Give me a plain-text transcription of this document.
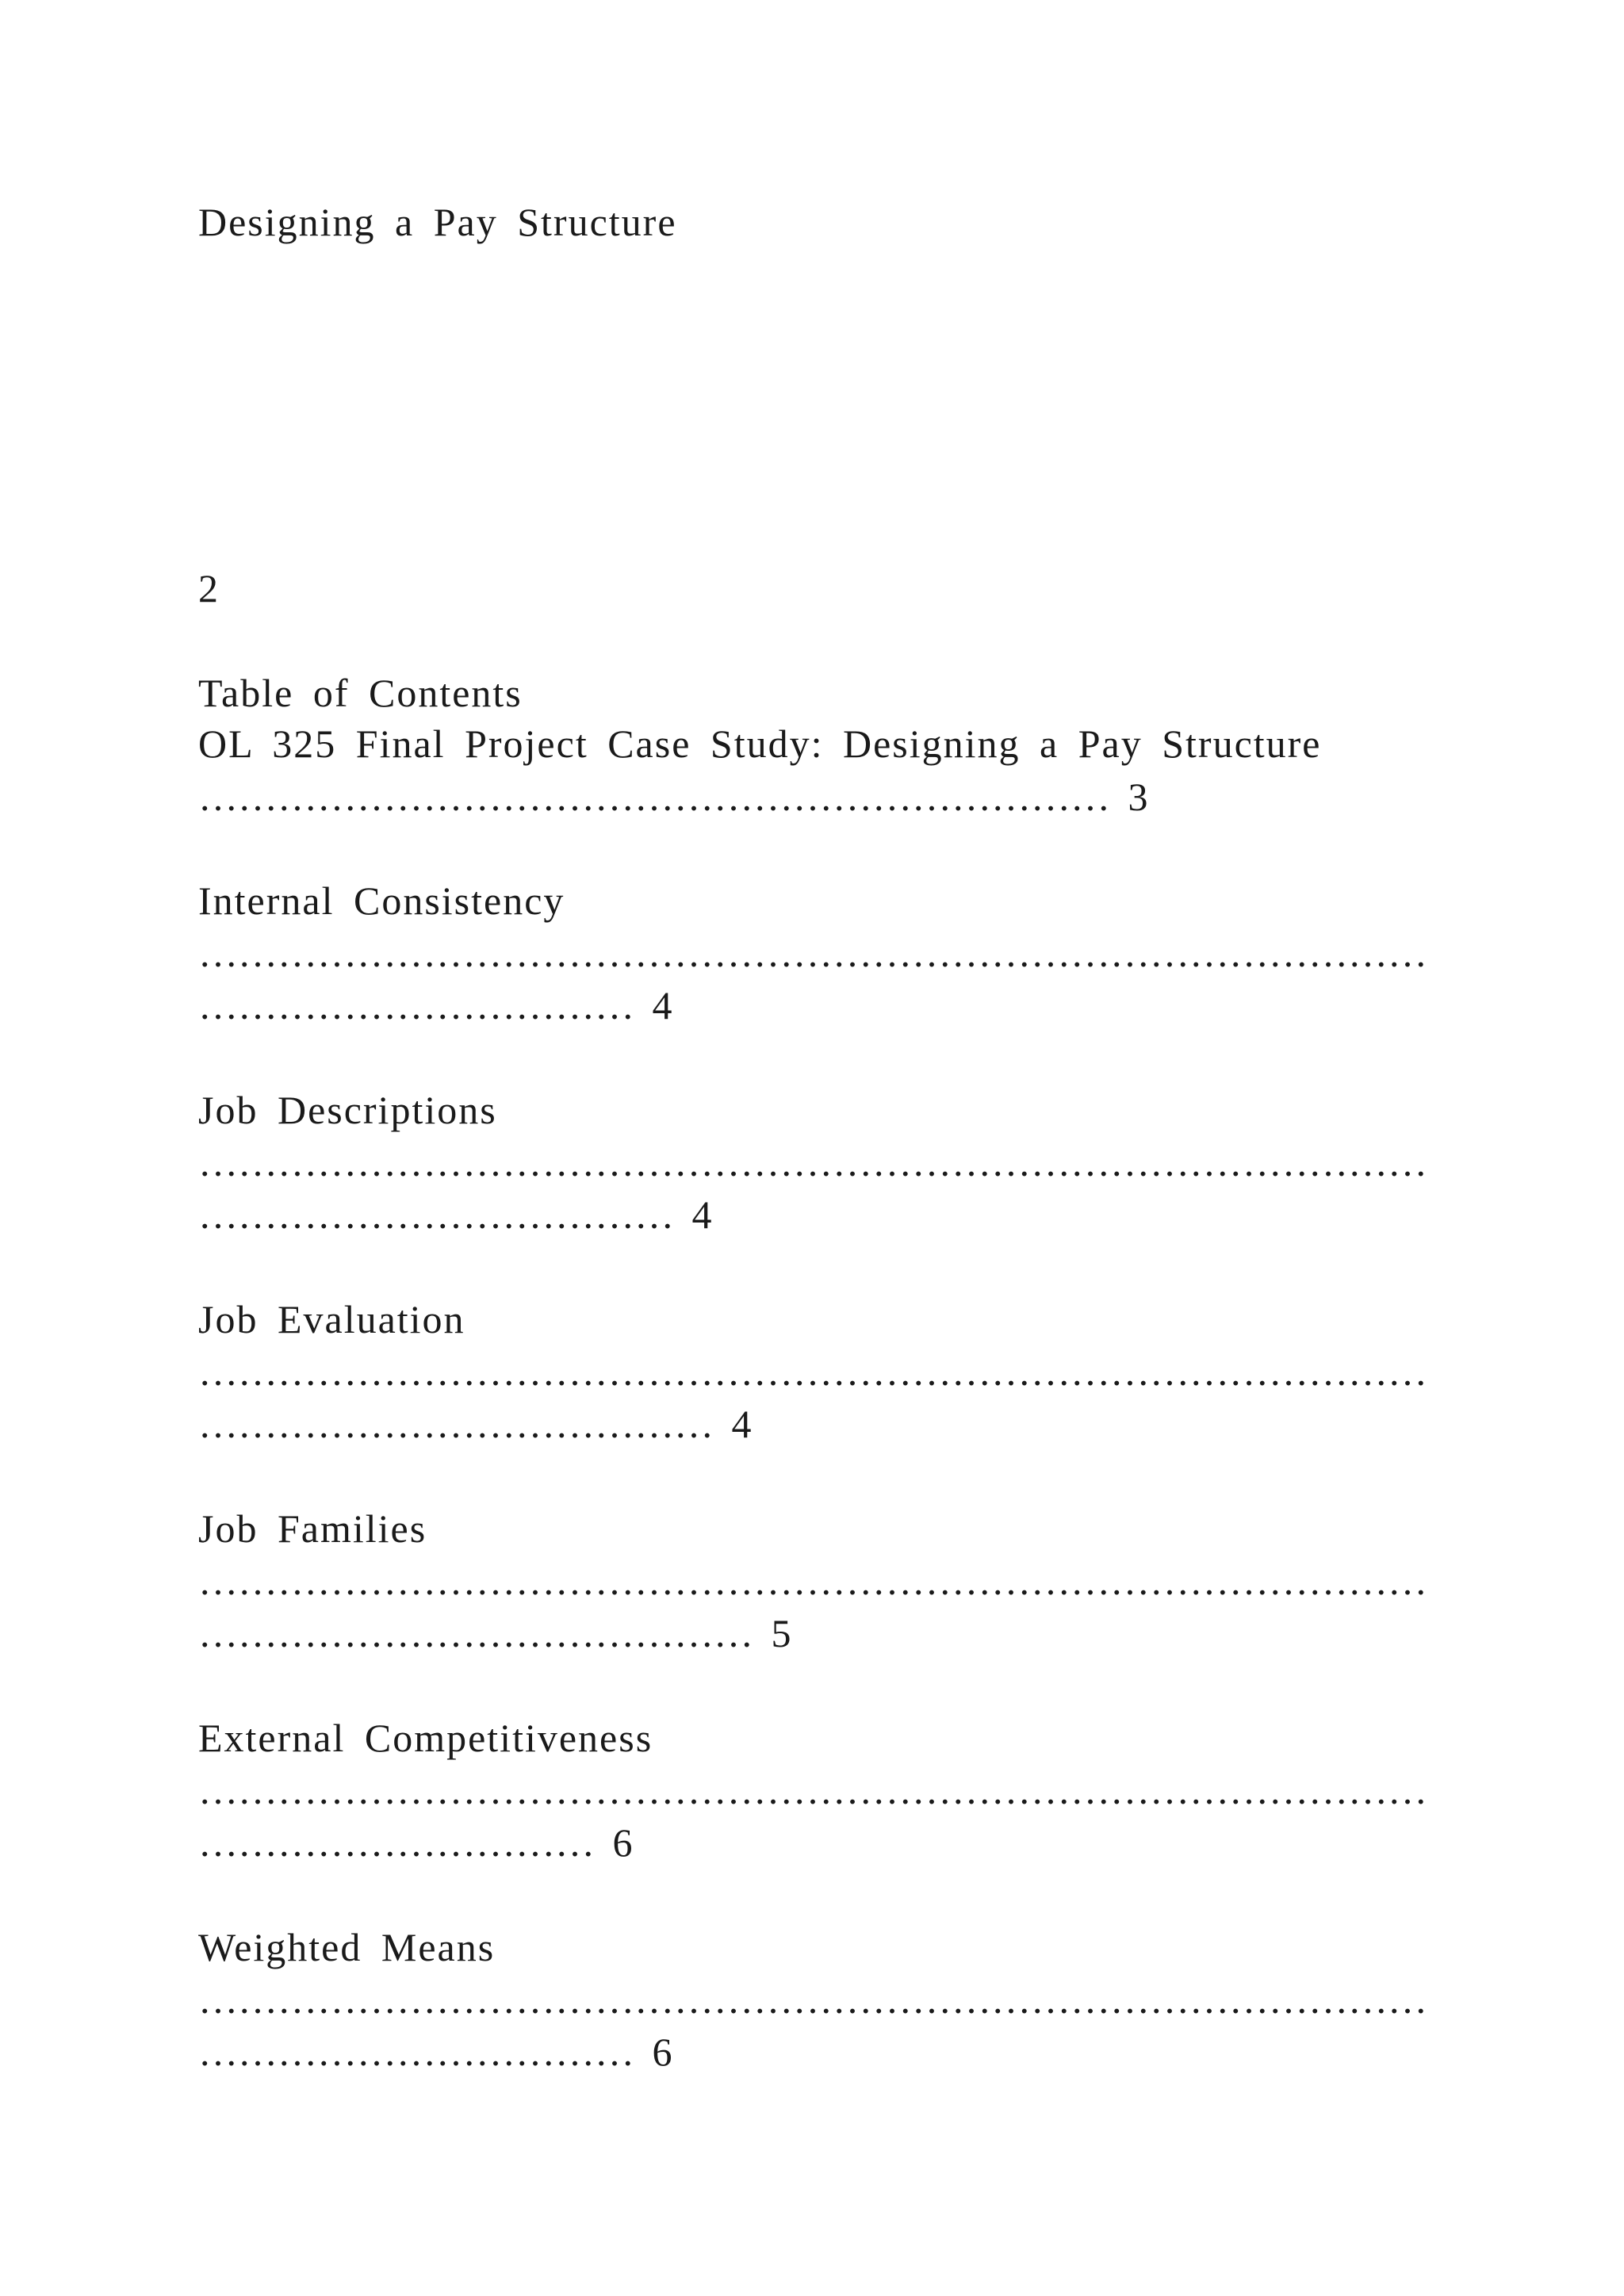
Designing a Pay Structure

2

Table of Contents

OL 325 Final Project Case Study: Designing a Pay Structure

…………………………………………………………… 3

Internal Consistency

…………………………………………………………………………………

…………………………… 4

Job Descriptions

…………………………………………………………………………………

……………………………… 4

Job Evaluation

…………………………………………………………………………………

………………………………… 4

Job Families

…………………………………………………………………………………

…………………………………… 5

External Competitiveness

…………………………………………………………………………………

………………………… 6

Weighted Means

…………………………………………………………………………………

…………………………… 6
